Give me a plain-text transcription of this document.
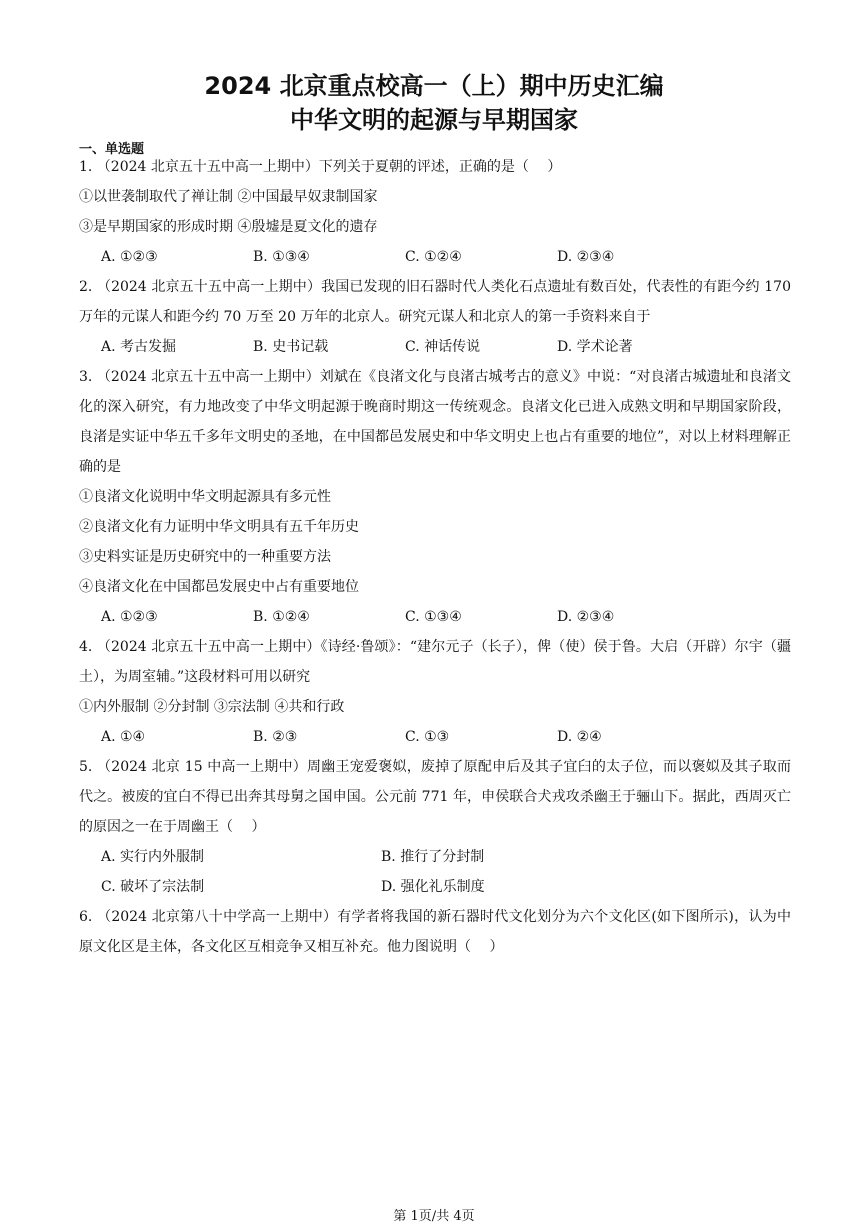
2024 北京重点校高一（上）期中历史汇编
中华文明的起源与早期国家
一、单选题
1. （2024 北京五十五中高一上期中）下列关于夏朝的评述，正确的是（　 ）
①以世袭制取代了禅让制 ②中国最早奴隶制国家
③是早期国家的形成时期 ④殷墟是夏文化的遗存
A. ①②③	B. ①③④	C. ①②④	D. ②③④
2. （2024 北京五十五中高一上期中）我国已发现的旧石器时代人类化石点遗址有数百处，代表性的有距今约 170 万年的元谋人和距今约 70 万至 20 万年的北京人。研究元谋人和北京人的第一手资料来自于
A. 考古发掘	B. 史书记载	C. 神话传说	D. 学术论著
3. （2024 北京五十五中高一上期中）刘斌在《良渚文化与良渚古城考古的意义》中说：“对良渚古城遗址和良渚文化的深入研究，有力地改变了中华文明起源于晚商时期这一传统观念。良渚文化已进入成熟文明和早期国家阶段，良渚是实证中华五千多年文明史的圣地，在中国都邑发展史和中华文明史上也占有重要的地位”，对以上材料理解正确的是
①良渚文化说明中华文明起源具有多元性
②良渚文化有力证明中华文明具有五千年历史
③史料实证是历史研究中的一种重要方法
④良渚文化在中国都邑发展史中占有重要地位
A. ①②③	B. ①②④	C. ①③④	D. ②③④
4. （2024 北京五十五中高一上期中）《诗经·鲁颂》：“建尔元子（长子），俾（使）侯于鲁。大启（开辟）尔宇（疆土），为周室辅。”这段材料可用以研究
①内外服制 ②分封制 ③宗法制 ④共和行政
A. ①④	B. ②③	C. ①③	D. ②④
5. （2024 北京 15 中高一上期中）周幽王宠爱褒姒，废掉了原配申后及其子宜臼的太子位，而以褒姒及其子取而代之。被废的宜白不得已出奔其母舅之国申国。公元前 771 年，申侯联合犬戎攻杀幽王于骊山下。据此，西周灭亡的原因之一在于周幽王（　 ）
A. 实行内外服制	B. 推行了分封制
C. 破坏了宗法制	D. 强化礼乐制度
6. （2024 北京第八十中学高一上期中）有学者将我国的新石器时代文化划分为六个文化区(如下图所示)，认为中原文化区是主体，各文化区互相竞争又相互补充。他力图说明（　 ）
第 1页/共 4页
